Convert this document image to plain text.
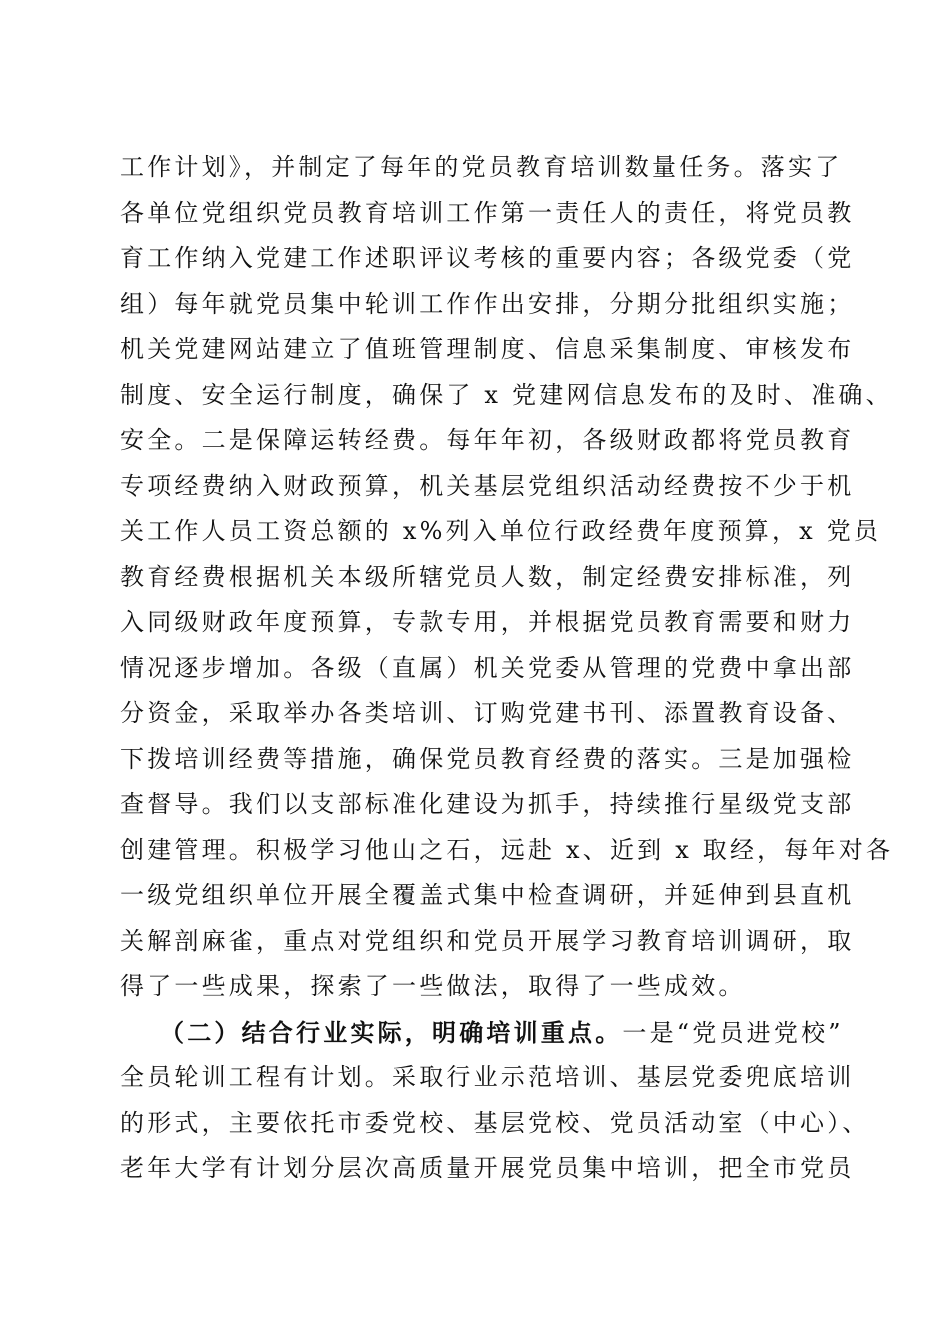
工作计划》，并制定了每年的党员教育培训数量任务。落实了
各单位党组织党员教育培训工作第一责任人的责任，将党员教
育工作纳入党建工作述职评议考核的重要内容；各级党委（党
组）每年就党员集中轮训工作作出安排，分期分批组织实施；
机关党建网站建立了值班管理制度、信息采集制度、审核发布
制度、安全运行制度，确保了 x 党建网信息发布的及时、准确、
安全。二是保障运转经费。每年年初，各级财政都将党员教育
专项经费纳入财政预算，机关基层党组织活动经费按不少于机
关工作人员工资总额的 x%列入单位行政经费年度预算，x 党员
教育经费根据机关本级所辖党员人数，制定经费安排标准，列
入同级财政年度预算，专款专用，并根据党员教育需要和财力
情况逐步增加。各级（直属）机关党委从管理的党费中拿出部
分资金，采取举办各类培训、订购党建书刊、添置教育设备、
下拨培训经费等措施，确保党员教育经费的落实。三是加强检
查督导。我们以支部标准化建设为抓手，持续推行星级党支部
创建管理。积极学习他山之石，远赴 x、近到 x 取经，每年对各
一级党组织单位开展全覆盖式集中检查调研，并延伸到县直机
关解剖麻雀，重点对党组织和党员开展学习教育培训调研，取
得了一些成果，探索了一些做法，取得了一些成效。
（二）结合行业实际，明确培训重点。一是“党员进党校”
全员轮训工程有计划。采取行业示范培训、基层党委兜底培训
的形式，主要依托市委党校、基层党校、党员活动室（中心）、
老年大学有计划分层次高质量开展党员集中培训，把全市党员
